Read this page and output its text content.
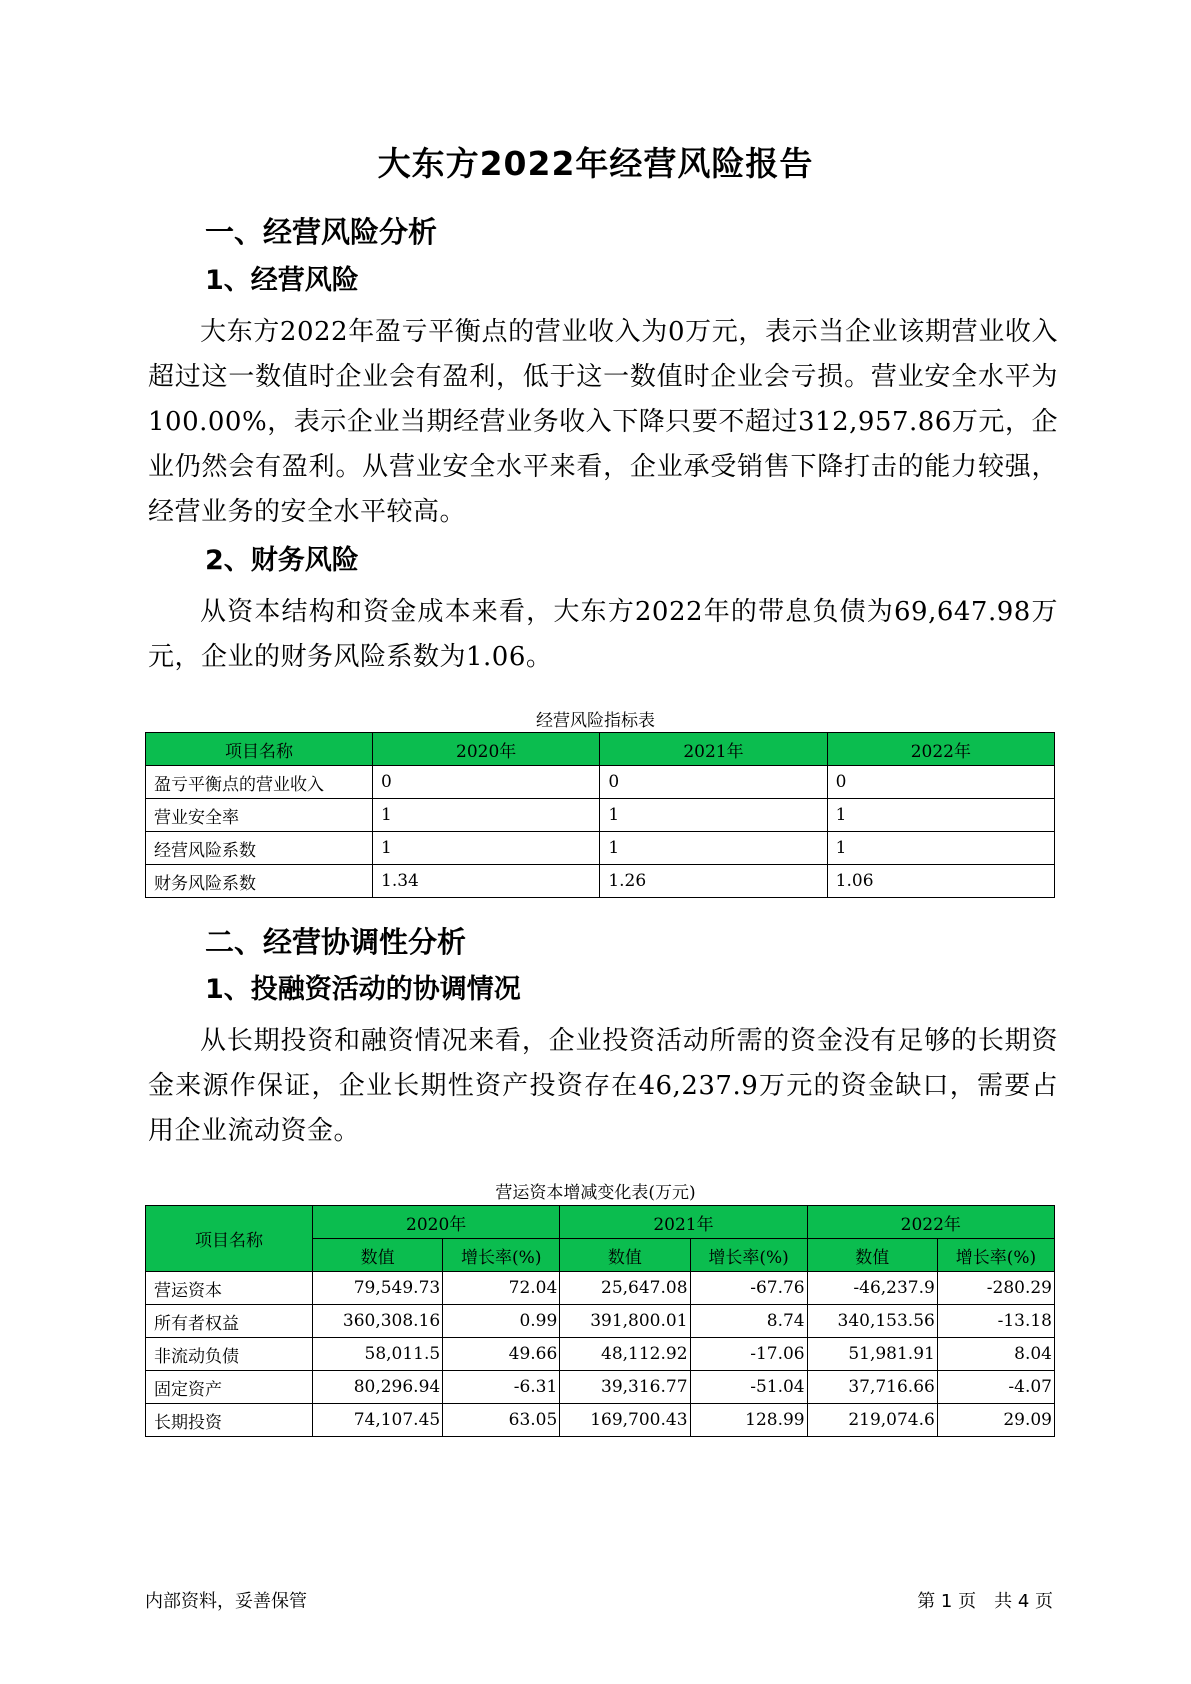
大东方2022年经营风险报告
一、经营风险分析
1、经营风险
大东方2022年盈亏平衡点的营业收入为0万元，表示当企业该期营业收入超过这一数值时企业会有盈利，低于这一数值时企业会亏损。营业安全水平为100.00%，表示企业当期经营业务收入下降只要不超过312,957.86万元，企业仍然会有盈利。从营业安全水平来看，企业承受销售下降打击的能力较强，经营业务的安全水平较高。
2、财务风险
从资本结构和资金成本来看，大东方2022年的带息负债为69,647.98万元，企业的财务风险系数为1.06。
经营风险指标表
项目名称	2020年	2021年	2022年
盈亏平衡点的营业收入	0	0	0
营业安全率	1	1	1
经营风险系数	1	1	1
财务风险系数	1.34	1.26	1.06
二、经营协调性分析
1、投融资活动的协调情况
从长期投资和融资情况来看，企业投资活动所需的资金没有足够的长期资金来源作保证，企业长期性资产投资存在46,237.9万元的资金缺口，需要占用企业流动资金。
营运资本增减变化表(万元)
项目名称	2020年		2021年		2022年	
	数值	增长率(%)	数值	增长率(%)	数值	增长率(%)
营运资本	79,549.73	72.04	25,647.08	-67.76	-46,237.9	-280.29
所有者权益	360,308.16	0.99	391,800.01	8.74	340,153.56	-13.18
非流动负债	58,011.5	49.66	48,112.92	-17.06	51,981.91	8.04
固定资产	80,296.94	-6.31	39,316.77	-51.04	37,716.66	-4.07
长期投资	74,107.45	63.05	169,700.43	128.99	219,074.6	29.09
内部资料，妥善保管	第 1 页　共 4 页
